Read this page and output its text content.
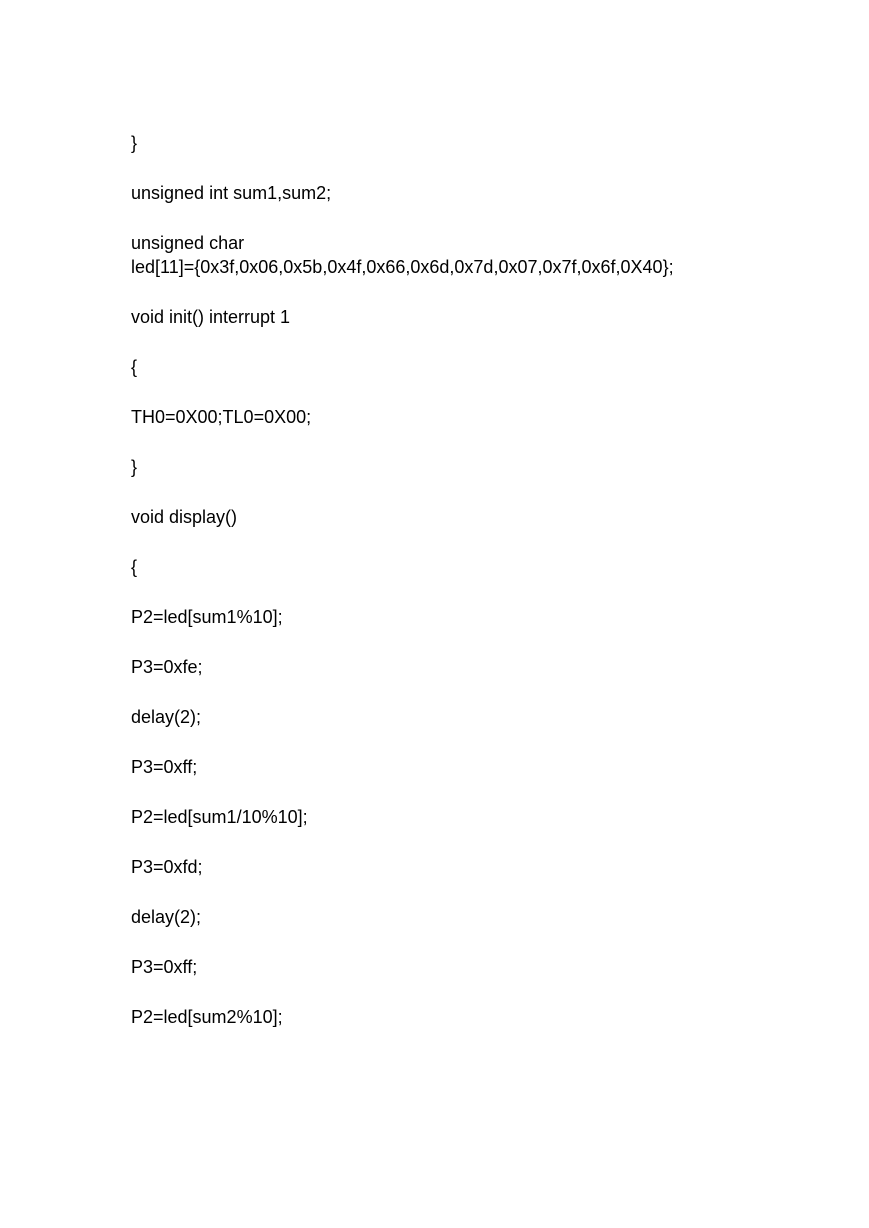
}

unsigned int sum1,sum2;

unsigned char
led[11]={0x3f,0x06,0x5b,0x4f,0x66,0x6d,0x7d,0x07,0x7f,0x6f,0X40};

void init() interrupt 1

{

TH0=0X00;TL0=0X00;

}

void display()

{

P2=led[sum1%10];

P3=0xfe;

delay(2);

P3=0xff;

P2=led[sum1/10%10];

P3=0xfd;

delay(2);

P3=0xff;

P2=led[sum2%10];
